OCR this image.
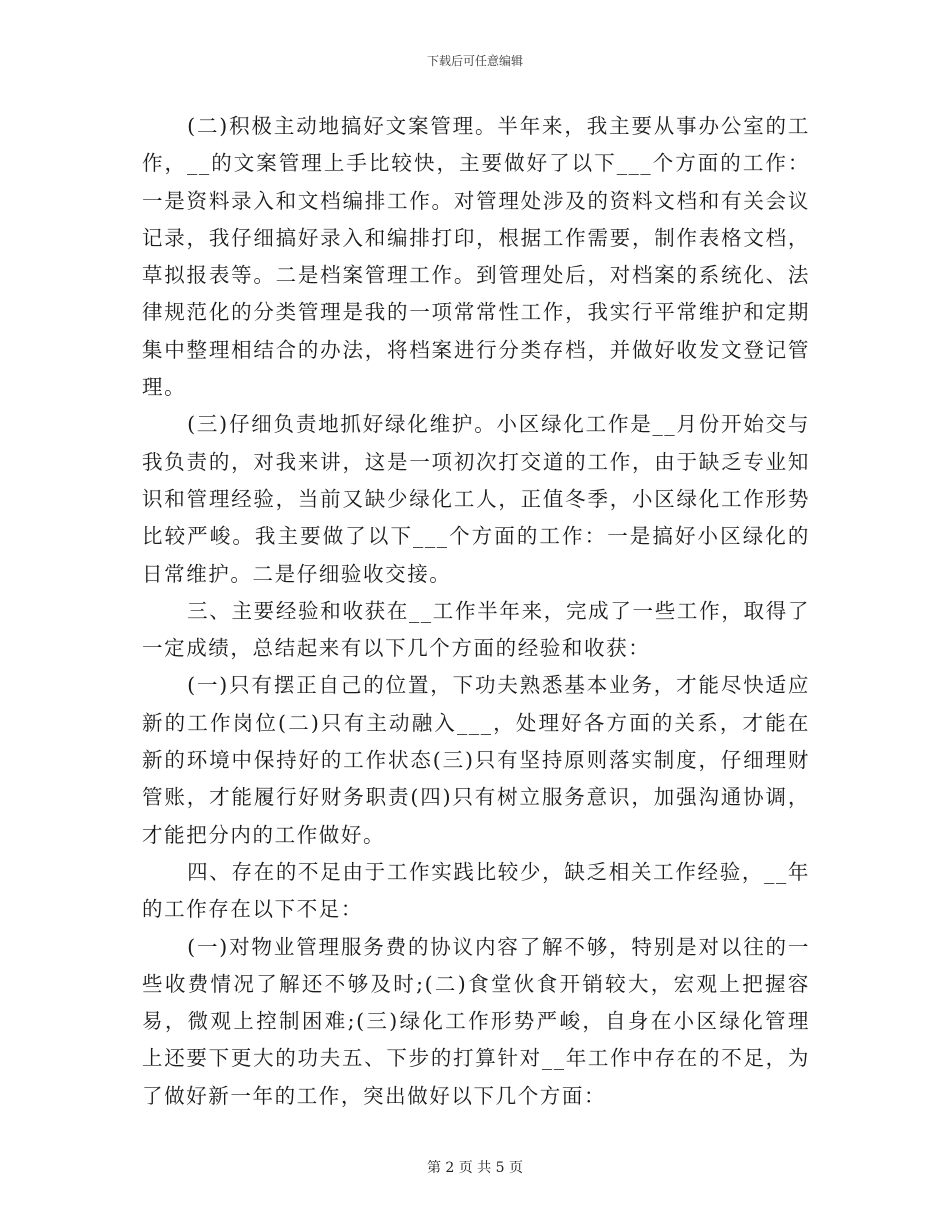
下载后可任意编辑

(二)积极主动地搞好文案管理。半年来，我主要从事办公室的工作，__的文案管理上手比较快，主要做好了以下___个方面的工作：一是资料录入和文档编排工作。对管理处涉及的资料文档和有关会议记录，我仔细搞好录入和编排打印，根据工作需要，制作表格文档，草拟报表等。二是档案管理工作。到管理处后，对档案的系统化、法律规范化的分类管理是我的一项常常性工作，我实行平常维护和定期集中整理相结合的办法，将档案进行分类存档，并做好收发文登记管理。

(三)仔细负责地抓好绿化维护。小区绿化工作是__月份开始交与我负责的，对我来讲，这是一项初次打交道的工作，由于缺乏专业知识和管理经验，当前又缺少绿化工人，正值冬季，小区绿化工作形势比较严峻。我主要做了以下___个方面的工作：一是搞好小区绿化的日常维护。二是仔细验收交接。

三、主要经验和收获在__工作半年来，完成了一些工作，取得了一定成绩，总结起来有以下几个方面的经验和收获：

(一)只有摆正自己的位置，下功夫熟悉基本业务，才能尽快适应新的工作岗位(二)只有主动融入___，处理好各方面的关系，才能在新的环境中保持好的工作状态(三)只有坚持原则落实制度，仔细理财管账，才能履行好财务职责(四)只有树立服务意识，加强沟通协调，才能把分内的工作做好。

四、存在的不足由于工作实践比较少，缺乏相关工作经验，__年的工作存在以下不足：

(一)对物业管理服务费的协议内容了解不够，特别是对以往的一些收费情况了解还不够及时;(二)食堂伙食开销较大，宏观上把握容易，微观上控制困难;(三)绿化工作形势严峻，自身在小区绿化管理上还要下更大的功夫五、下步的打算针对__年工作中存在的不足，为了做好新一年的工作，突出做好以下几个方面：

第 2 页 共 5 页
